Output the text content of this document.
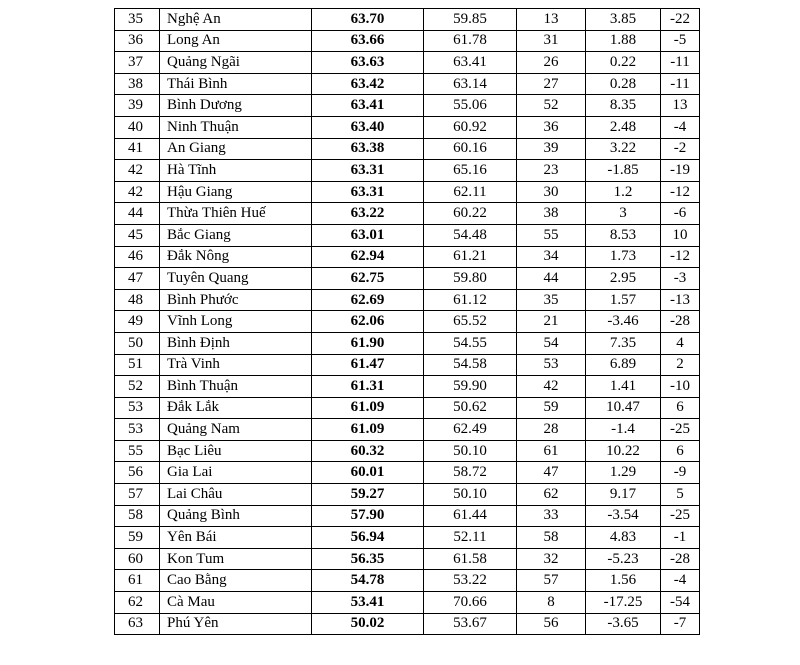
35	Nghệ An	63.70	59.85	13	3.85	-22
36	Long An	63.66	61.78	31	1.88	-5
37	Quảng Ngãi	63.63	63.41	26	0.22	-11
38	Thái Bình	63.42	63.14	27	0.28	-11
39	Bình Dương	63.41	55.06	52	8.35	13
40	Ninh Thuận	63.40	60.92	36	2.48	-4
41	An Giang	63.38	60.16	39	3.22	-2
42	Hà Tĩnh	63.31	65.16	23	-1.85	-19
42	Hậu Giang	63.31	62.11	30	1.2	-12
44	Thừa Thiên Huế	63.22	60.22	38	3	-6
45	Bắc Giang	63.01	54.48	55	8.53	10
46	Đắk Nông	62.94	61.21	34	1.73	-12
47	Tuyên Quang	62.75	59.80	44	2.95	-3
48	Bình Phước	62.69	61.12	35	1.57	-13
49	Vĩnh Long	62.06	65.52	21	-3.46	-28
50	Bình Định	61.90	54.55	54	7.35	4
51	Trà Vinh	61.47	54.58	53	6.89	2
52	Bình Thuận	61.31	59.90	42	1.41	-10
53	Đắk Lắk	61.09	50.62	59	10.47	6
53	Quảng Nam	61.09	62.49	28	-1.4	-25
55	Bạc Liêu	60.32	50.10	61	10.22	6
56	Gia Lai	60.01	58.72	47	1.29	-9
57	Lai Châu	59.27	50.10	62	9.17	5
58	Quảng Bình	57.90	61.44	33	-3.54	-25
59	Yên Bái	56.94	52.11	58	4.83	-1
60	Kon Tum	56.35	61.58	32	-5.23	-28
61	Cao Bằng	54.78	53.22	57	1.56	-4
62	Cà Mau	53.41	70.66	8	-17.25	-54
63	Phú Yên	50.02	53.67	56	-3.65	-7
